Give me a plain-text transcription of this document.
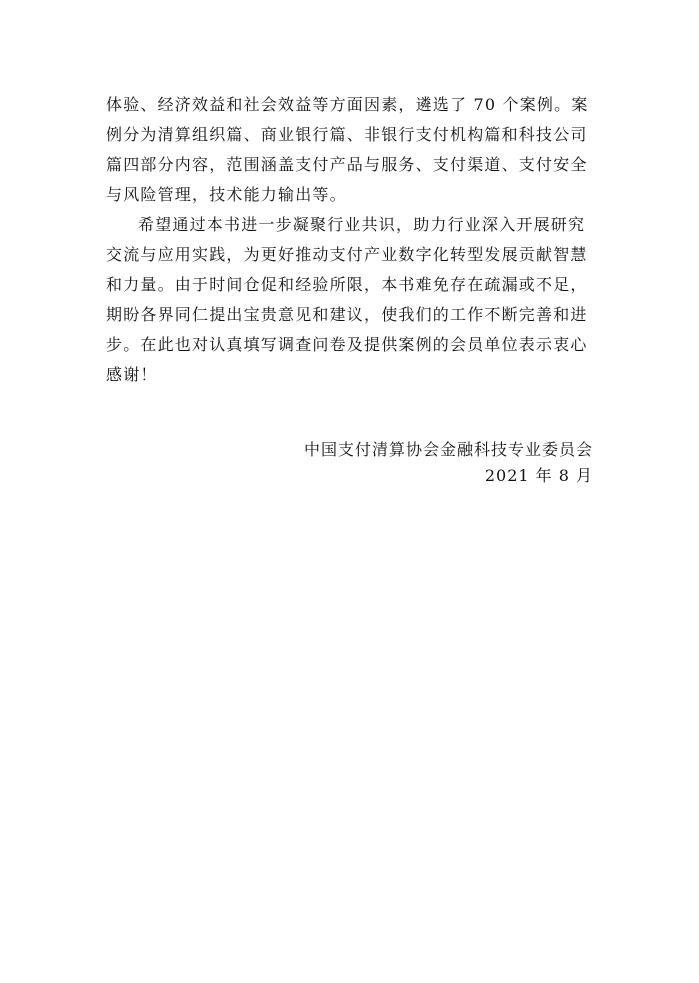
体验、经济效益和社会效益等方面因素，遴选了 70 个案例。案
例分为清算组织篇、商业银行篇、非银行支付机构篇和科技公司
篇四部分内容，范围涵盖支付产品与服务、支付渠道、支付安全
与风险管理，技术能力输出等。
希望通过本书进一步凝聚行业共识，助力行业深入开展研究
交流与应用实践，为更好推动支付产业数字化转型发展贡献智慧
和力量。由于时间仓促和经验所限，本书难免存在疏漏或不足，
期盼各界同仁提出宝贵意见和建议，使我们的工作不断完善和进
步。在此也对认真填写调查问卷及提供案例的会员单位表示衷心
感谢！
中国支付清算协会金融科技专业委员会
2021 年 8 月
